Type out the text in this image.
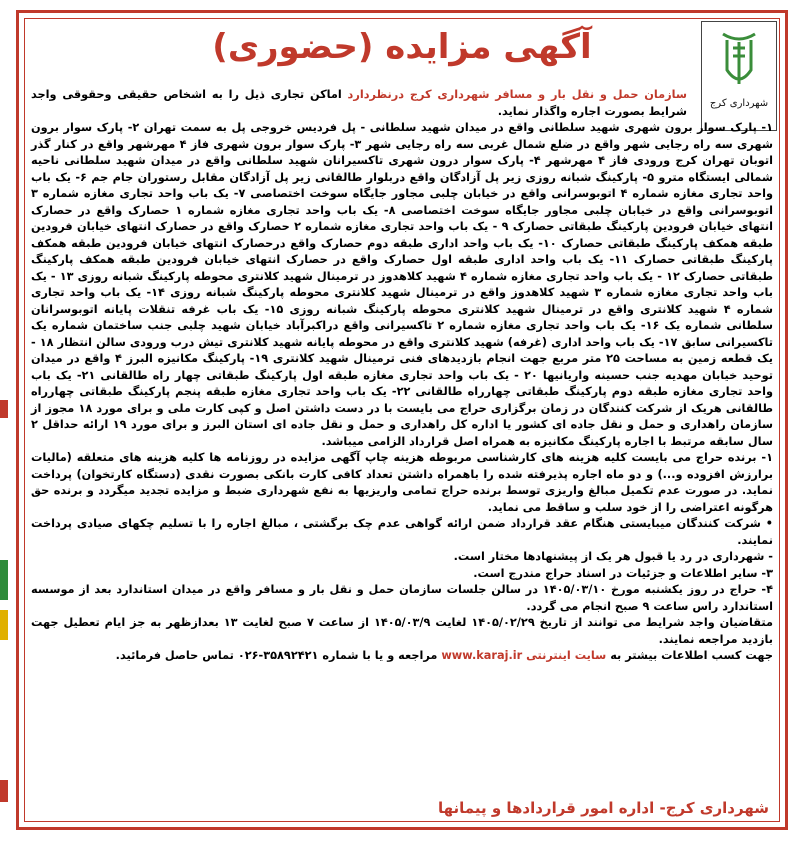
شهرداری کرج
آگهی مزایده (حضوری)

سازمان حمل و نقل بار و مسافر شهرداری کرج درنظردارد اماکن تجاری ذیل را به اشخاص حقیقی وحقوقی واجد شرایط بصورت اجاره واگذار نماید.

۱- پارک سوار برون شهری شهید سلطانی واقع در میدان شهید سلطانی - پل فردیس خروجی پل به سمت تهران ۲- پارک سوار برون شهری سه راه رجایی شهر واقع در ضلع شمال غربی سه راه رجایی شهر ۳- پارک سوار برون شهری فاز ۴ مهرشهر واقع در کنار گذر اتوبان تهران کرج ورودی فاز ۴ مهرشهر ۴- پارک سوار درون شهری تاکسیرانان شهید سلطانی واقع در میدان شهید سلطانی ناحیه شمالی ایستگاه مترو ۵- پارکینگ شبانه روزی زیر پل آزادگان واقع دربلوار طالقانی زیر پل آزادگان مقابل رستوران جام جم ۶- یک باب واحد تجاری مغازه شماره ۴ اتوبوسرانی واقع در خیابان چلبی مجاور جایگاه سوخت اختصاصی ۷- یک باب واحد تجاری مغازه شماره ۳ اتوبوسرانی واقع در خیابان چلبی مجاور جایگاه سوخت اختصاصی ۸- یک باب واحد تجاری مغازه شماره ۱ حصارک واقع در حصارک انتهای خیابان فرودین پارکینگ طبقاتی حصارک ۹ - یک باب واحد تجاری مغازه شماره ۲ حصارک واقع در حصارک انتهای خیابان فرودین طبقه همکف پارکینگ طبقاتی حصارک ۱۰- یک باب واحد اداری طبقه دوم حصارک واقع درحصارک انتهای خیابان فرودین طبقه همکف پارکینگ طبقاتی حصارک ۱۱- یک باب واحد اداری طبقه اول حصارک واقع در حصارک انتهای خیابان فرودین طبقه همکف پارکینگ طبقاتی حصارک ۱۲ - یک باب واحد تجاری مغازه شماره ۴ شهید کلاهدوز در ترمینال شهید کلانتری محوطه پارکینگ شبانه روزی ۱۳ - یک باب واحد تجاری مغازه شماره ۳ شهید کلاهدوز واقع در ترمینال شهید کلانتری محوطه پارکینگ شبانه روزی ۱۴- یک باب واحد تجاری شماره ۴ شهید کلانتری واقع در ترمینال شهید کلانتری محوطه پارکینگ شبانه روزی ۱۵- یک باب غرفه تنقلات پایانه اتوبوسرانان سلطانی شماره یک ۱۶- یک باب واحد تجاری مغازه شماره ۲ تاکسیرانی واقع دراکبرآباد خیابان شهید چلبی جنب ساختمان شماره یک تاکسیرانی سابق ۱۷- یک باب واحد اداری (غرفه) شهید کلانتری واقع در محوطه پایانه شهید کلانتری تیش درب ورودی سالن انتظار ۱۸ - یک قطعه زمین به مساحت ۲۵ متر مربع جهت انجام بازدیدهای فنی ترمینال شهید کلانتری ۱۹- پارکینگ مکانیزه البرز ۴ واقع در میدان توحید خیابان مهدیه جنب حسینه واریانیها ۲۰ - یک باب واحد تجاری مغازه طبقه اول پارکینگ طبقاتی چهار راه طالقانی ۲۱- یک باب واحد تجاری مغازه طبقه دوم پارکینگ طبقاتی چهارراه طالقانی ۲۲- یک باب واحد تجاری مغازه طبقه پنجم پارکینگ طبقاتی چهارراه طالقانی هریک از شرکت کنندگان در زمان برگزاری حراج می بایست با در دست داشتن اصل و کپی کارت ملی و برای مورد ۱۸ مجوز از سازمان راهداری و حمل و نقل جاده ای کشور یا اداره کل راهداری و حمل و نقل جاده ای استان البرز و برای مورد ۱۹ ارائه حداقل ۲ سال سابقه مرتبط با اجاره پارکینگ مکانیزه به همراه اصل قرارداد الزامی میباشد.

۱- برنده حراج می بایست کلیه هزینه های کارشناسی مربوطه هزینه چاپ آگهی مزایده در روزنامه ها کلیه هزینه های متعلقه (مالیات برارزش افزوده و...) و دو ماه اجاره پذیرفته شده را باهمراه داشتن تعداد کافی کارت بانکی بصورت نقدی (دستگاه کارتخوان) پرداخت نماید. در صورت عدم تکمیل مبالغ واریزی توسط برنده حراج تمامی واریزیها به نفع شهرداری ضبط و مزایده تجدید میگردد و برنده حق هرگونه اعتراضی را از خود سلب و ساقط می نماید.

• شرکت کنندگان میبایستی هنگام عقد قرارداد ضمن ارائه گواهی عدم چک برگشتی ، مبالغ اجاره را با تسلیم چکهای صیادی پرداخت نمایند.

- شهرداری در رد یا قبول هر یک از پیشنهادها مختار است.

۳- سایر اطلاعات و جزئیات در اسناد حراج مندرج است.

۴- حراج در روز یکشنبه مورخ ۱۴۰۵/۰۳/۱۰ در سالن جلسات سازمان حمل و نقل بار و مسافر واقع در میدان استاندارد بعد از موسسه استاندارد راس ساعت ۹ صبح انجام می گردد.

متقاضیان واجد شرایط می توانند از تاریخ ۱۴۰۵/۰۲/۲۹ لغایت ۱۴۰۵/۰۳/۹ از ساعت ۷ صبح لغایت ۱۳ بعدازظهر به جز ایام تعطیل جهت بازدید مراجعه نمایند.

جهت کسب اطلاعات بیشتر به سایت اینترنتی www.karaj.ir مراجعه و یا با شماره ۳۵۸۹۲۴۲۱-۰۲۶ تماس حاصل فرمائید.

شهرداری کرج- اداره امور قراردادها و پیمانها
